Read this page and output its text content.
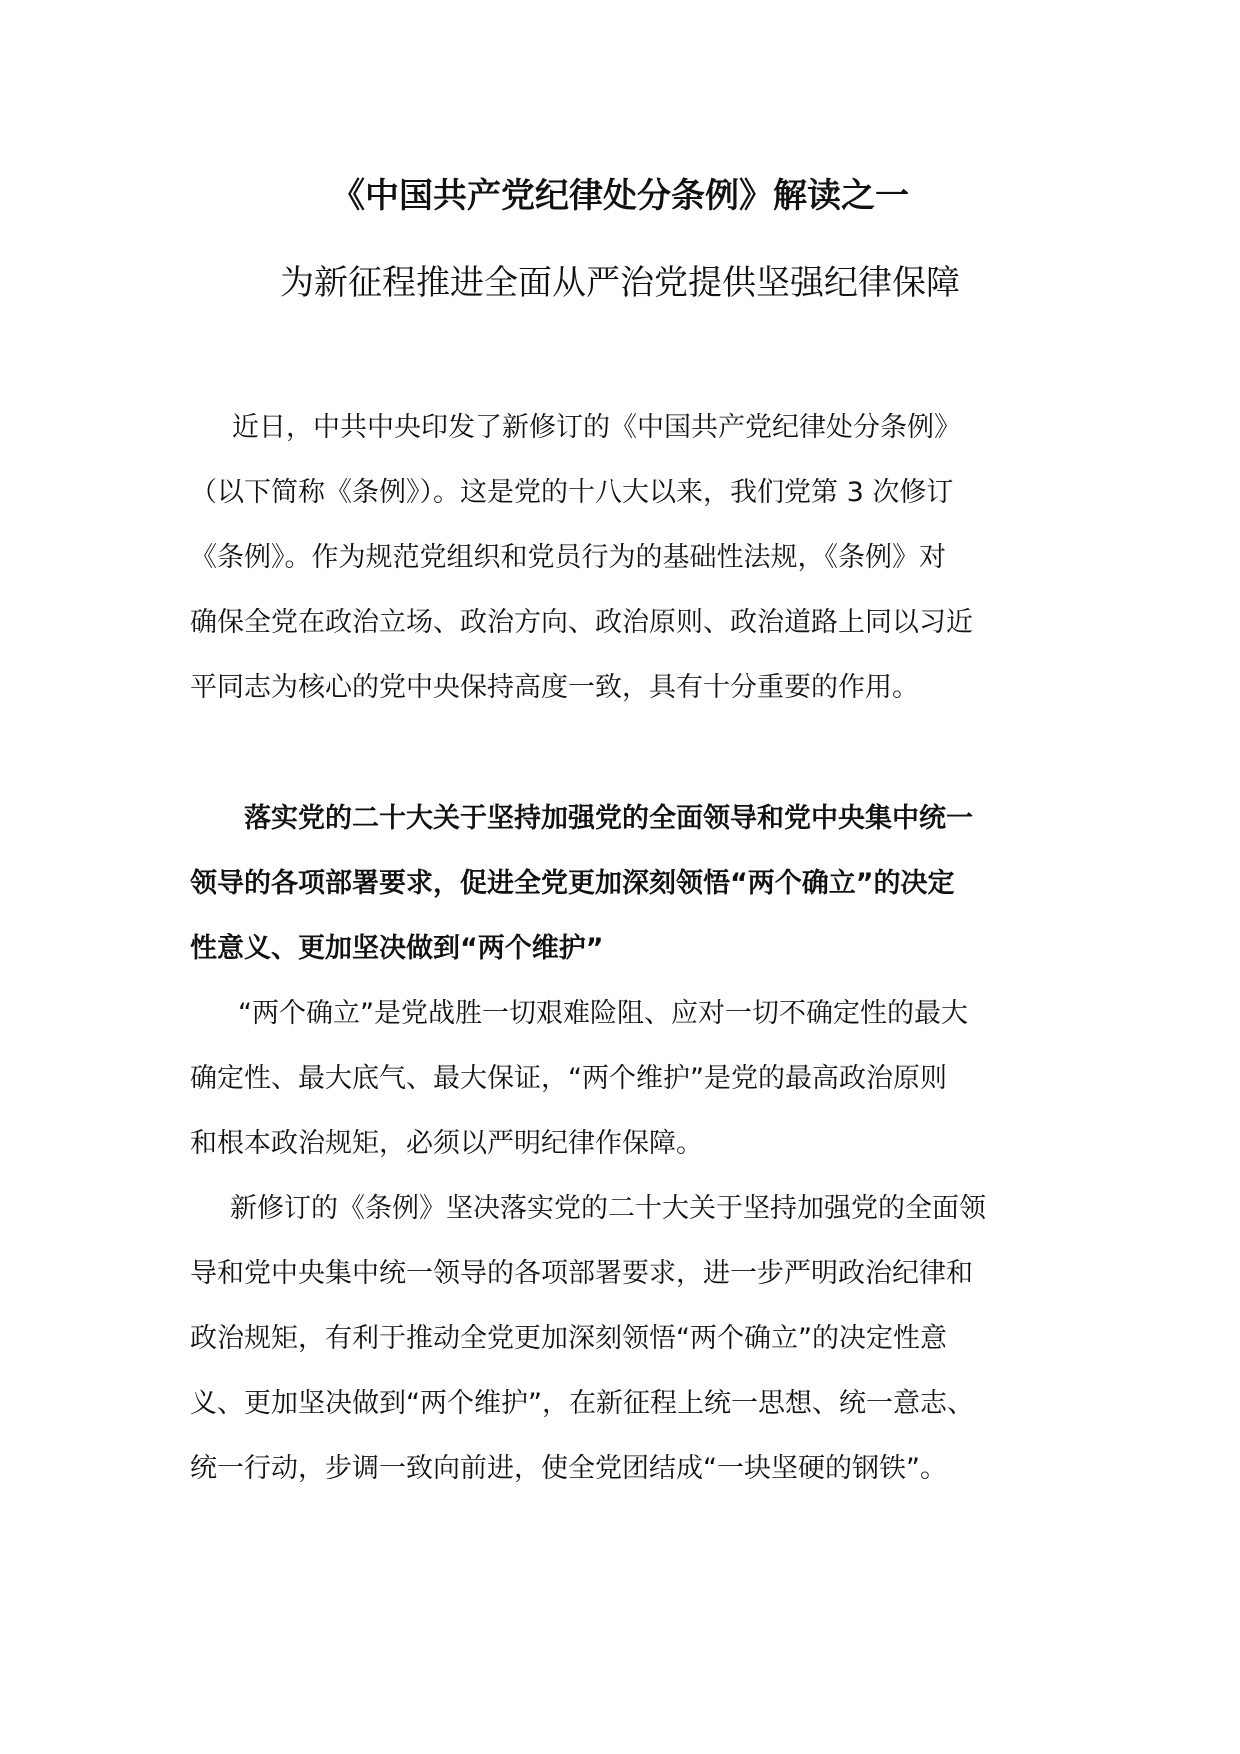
《中国共产党纪律处分条例》解读之一
为新征程推进全面从严治党提供坚强纪律保障
近日，中共中央印发了新修订的《中国共产党纪律处分条例》
（以下简称《条例》）。这是党的十八大以来，我们党第 3 次修订
《条例》。作为规范党组织和党员行为的基础性法规，《条例》对
确保全党在政治立场、政治方向、政治原则、政治道路上同以习近
平同志为核心的党中央保持高度一致，具有十分重要的作用。
落实党的二十大关于坚持加强党的全面领导和党中央集中统一
领导的各项部署要求，促进全党更加深刻领悟“两个确立”的决定
性意义、更加坚决做到“两个维护”
“两个确立”是党战胜一切艰难险阻、应对一切不确定性的最大
确定性、最大底气、最大保证，“两个维护”是党的最高政治原则
和根本政治规矩，必须以严明纪律作保障。
新修订的《条例》坚决落实党的二十大关于坚持加强党的全面领
导和党中央集中统一领导的各项部署要求，进一步严明政治纪律和
政治规矩，有利于推动全党更加深刻领悟“两个确立”的决定性意
义、更加坚决做到“两个维护”，在新征程上统一思想、统一意志、
统一行动，步调一致向前进，使全党团结成“一块坚硬的钢铁”。
